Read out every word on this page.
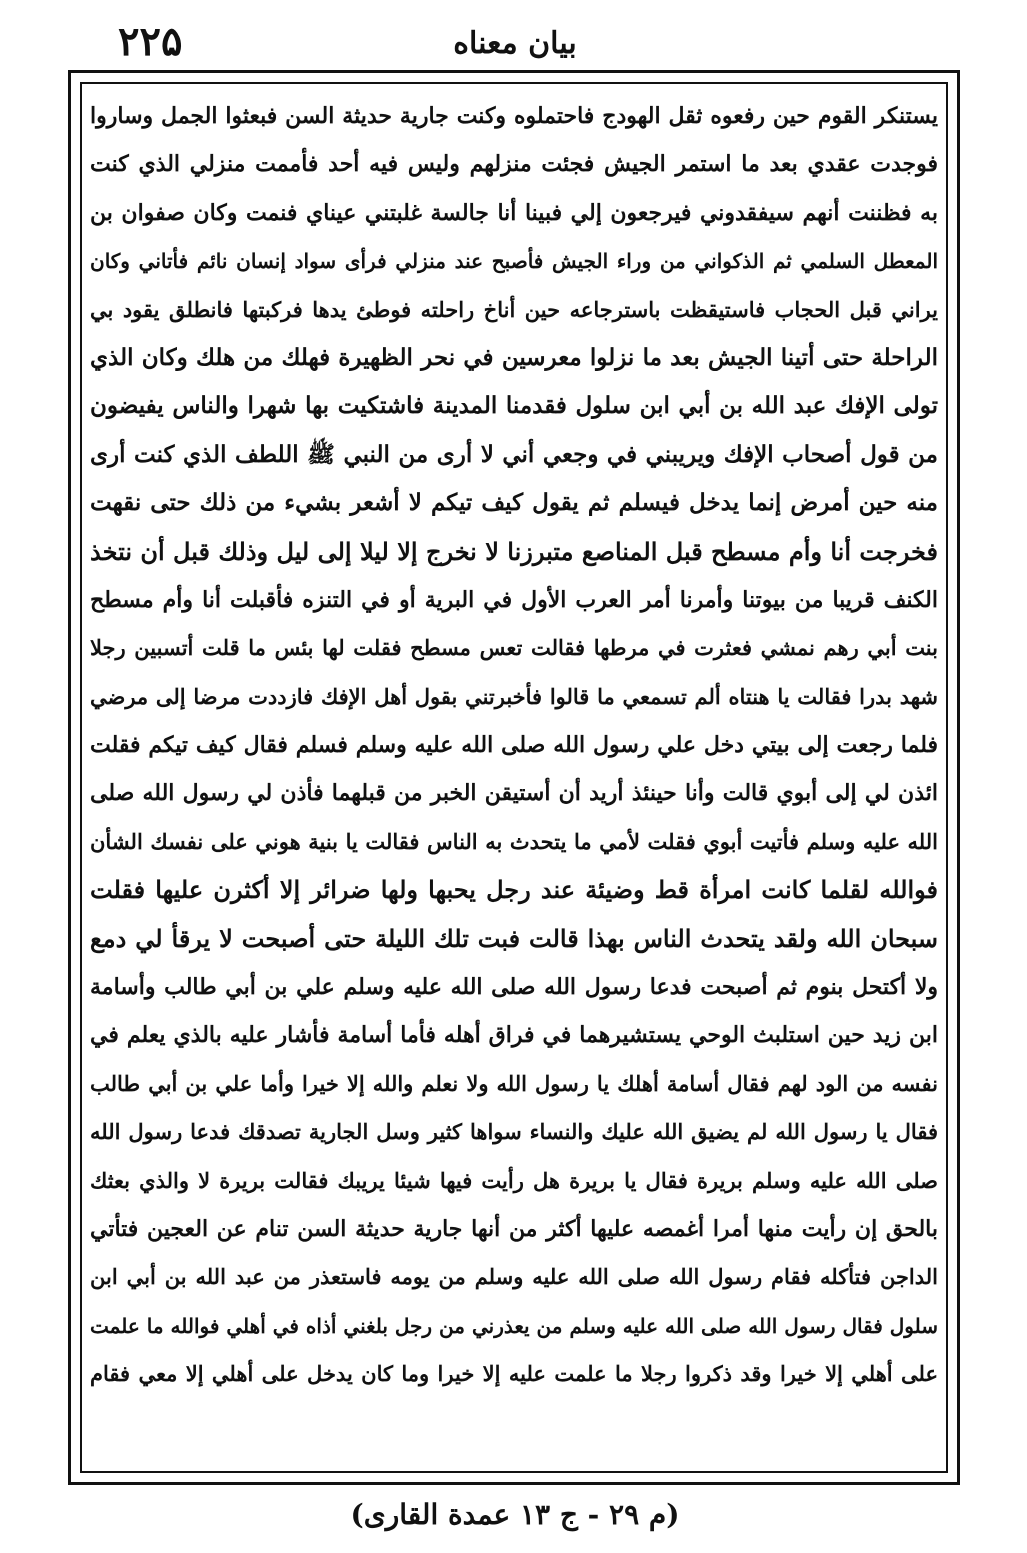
۲۲۵	بيان معناه
يستنكر القوم حين رفعوه ثقل الهودج فاحتملوه وكنت جارية حديثة السن فبعثوا الجمل وساروا
فوجدت عقدي بعد ما استمر الجيش فجئت منزلهم وليس فيه أحد فأممت منزلي الذي كنت
به فظننت أنهم سيفقدوني فيرجعون إلي فبينا أنا جالسة غلبتني عيناي فنمت وكان صفوان بن
المعطل السلمي ثم الذكواني من وراء الجيش فأصبح عند منزلي فرأى سواد إنسان نائم فأتاني وكان
يراني قبل الحجاب فاستيقظت باسترجاعه حين أناخ راحلته فوطئ يدها فركبتها فانطلق يقود بي
الراحلة حتى أتينا الجيش بعد ما نزلوا معرسين في نحر الظهيرة فهلك من هلك وكان الذي
تولى الإفك عبد الله بن أبي ابن سلول فقدمنا المدينة فاشتكيت بها شهرا والناس يفيضون
من قول أصحاب الإفك ويريبني في وجعي أني لا أرى من النبي ﷺ اللطف الذي كنت أرى
منه حين أمرض إنما يدخل فيسلم ثم يقول كيف تيكم لا أشعر بشيء من ذلك حتى نقهت
فخرجت أنا وأم مسطح قبل المناصع متبرزنا لا نخرج إلا ليلا إلى ليل وذلك قبل أن نتخذ
الكنف قريبا من بيوتنا وأمرنا أمر العرب الأول في البرية أو في التنزه فأقبلت أنا وأم مسطح
بنت أبي رهم نمشي فعثرت في مرطها فقالت تعس مسطح فقلت لها بئس ما قلت أتسبين رجلا
شهد بدرا فقالت يا هنتاه ألم تسمعي ما قالوا فأخبرتني بقول أهل الإفك فازددت مرضا إلى مرضي
فلما رجعت إلى بيتي دخل علي رسول الله صلى الله عليه وسلم فسلم فقال كيف تيكم فقلت
ائذن لي إلى أبوي قالت وأنا حينئذ أريد أن أستيقن الخبر من قبلهما فأذن لي رسول الله صلى
الله عليه وسلم فأتيت أبوي فقلت لأمي ما يتحدث به الناس فقالت يا بنية هوني على نفسك الشأن
فوالله لقلما كانت امرأة قط وضيئة عند رجل يحبها ولها ضرائر إلا أكثرن عليها فقلت
سبحان الله ولقد يتحدث الناس بهذا قالت فبت تلك الليلة حتى أصبحت لا يرقأ لي دمع
ولا أكتحل بنوم ثم أصبحت فدعا رسول الله صلى الله عليه وسلم علي بن أبي طالب وأسامة
ابن زيد حين استلبث الوحي يستشيرهما في فراق أهله فأما أسامة فأشار عليه بالذي يعلم في
نفسه من الود لهم فقال أسامة أهلك يا رسول الله ولا نعلم والله إلا خيرا وأما علي بن أبي طالب
فقال يا رسول الله لم يضيق الله عليك والنساء سواها كثير وسل الجارية تصدقك فدعا رسول الله
صلى الله عليه وسلم بريرة فقال يا بريرة هل رأيت فيها شيئا يريبك فقالت بريرة لا والذي بعثك
بالحق إن رأيت منها أمرا أغمصه عليها أكثر من أنها جارية حديثة السن تنام عن العجين فتأتي
الداجن فتأكله فقام رسول الله صلى الله عليه وسلم من يومه فاستعذر من عبد الله بن أبي ابن
سلول فقال رسول الله صلى الله عليه وسلم من يعذرني من رجل بلغني أذاه في أهلي فوالله ما علمت
على أهلي إلا خيرا وقد ذكروا رجلا ما علمت عليه إلا خيرا وما كان يدخل على أهلي إلا معي فقام
(م ۲۹ - ج ۱۳ عمدة القارى)
